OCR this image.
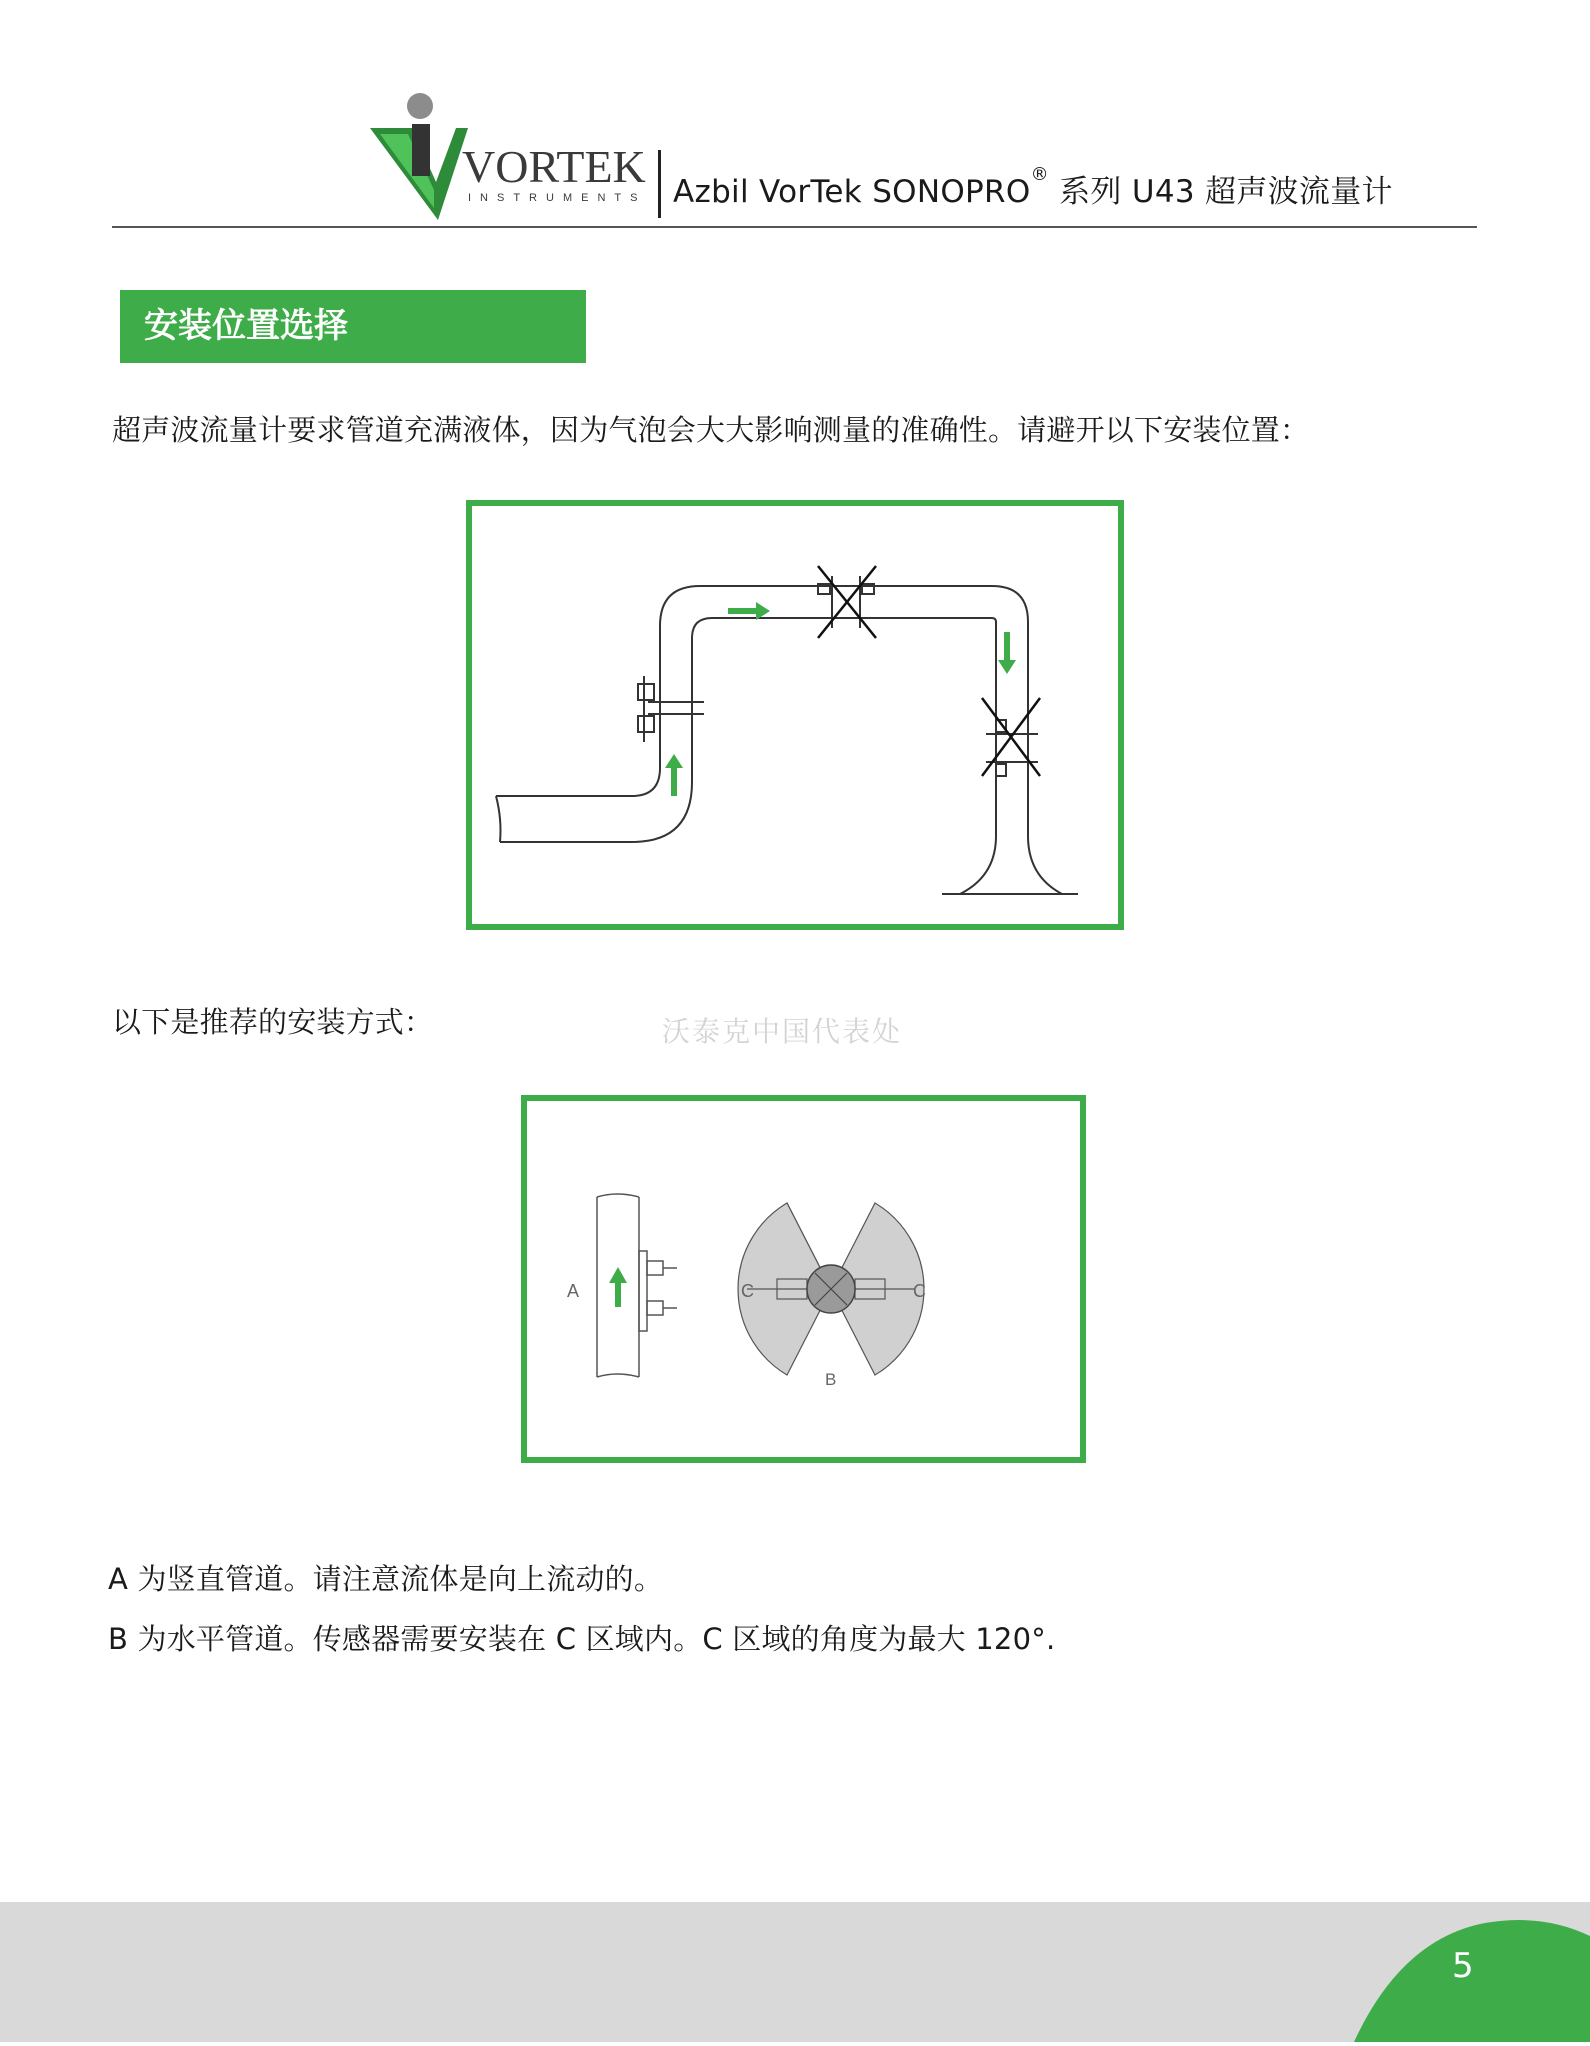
VORTEK
INSTRUMENTS Azbil VorTek SONOPRO® 系列 U43 超声波流量计
安装位置选择
超声波流量计要求管道充满液体，因为气泡会大大影响测量的准确性。请避开以下安装位置：
以下是推荐的安装方式：	沃泰克中国代表处
A	C	C
B
A 为竖直管道。请注意流体是向上流动的。
B 为水平管道。传感器需要安装在 C 区域内。C 区域的角度为最大 120°.
5
